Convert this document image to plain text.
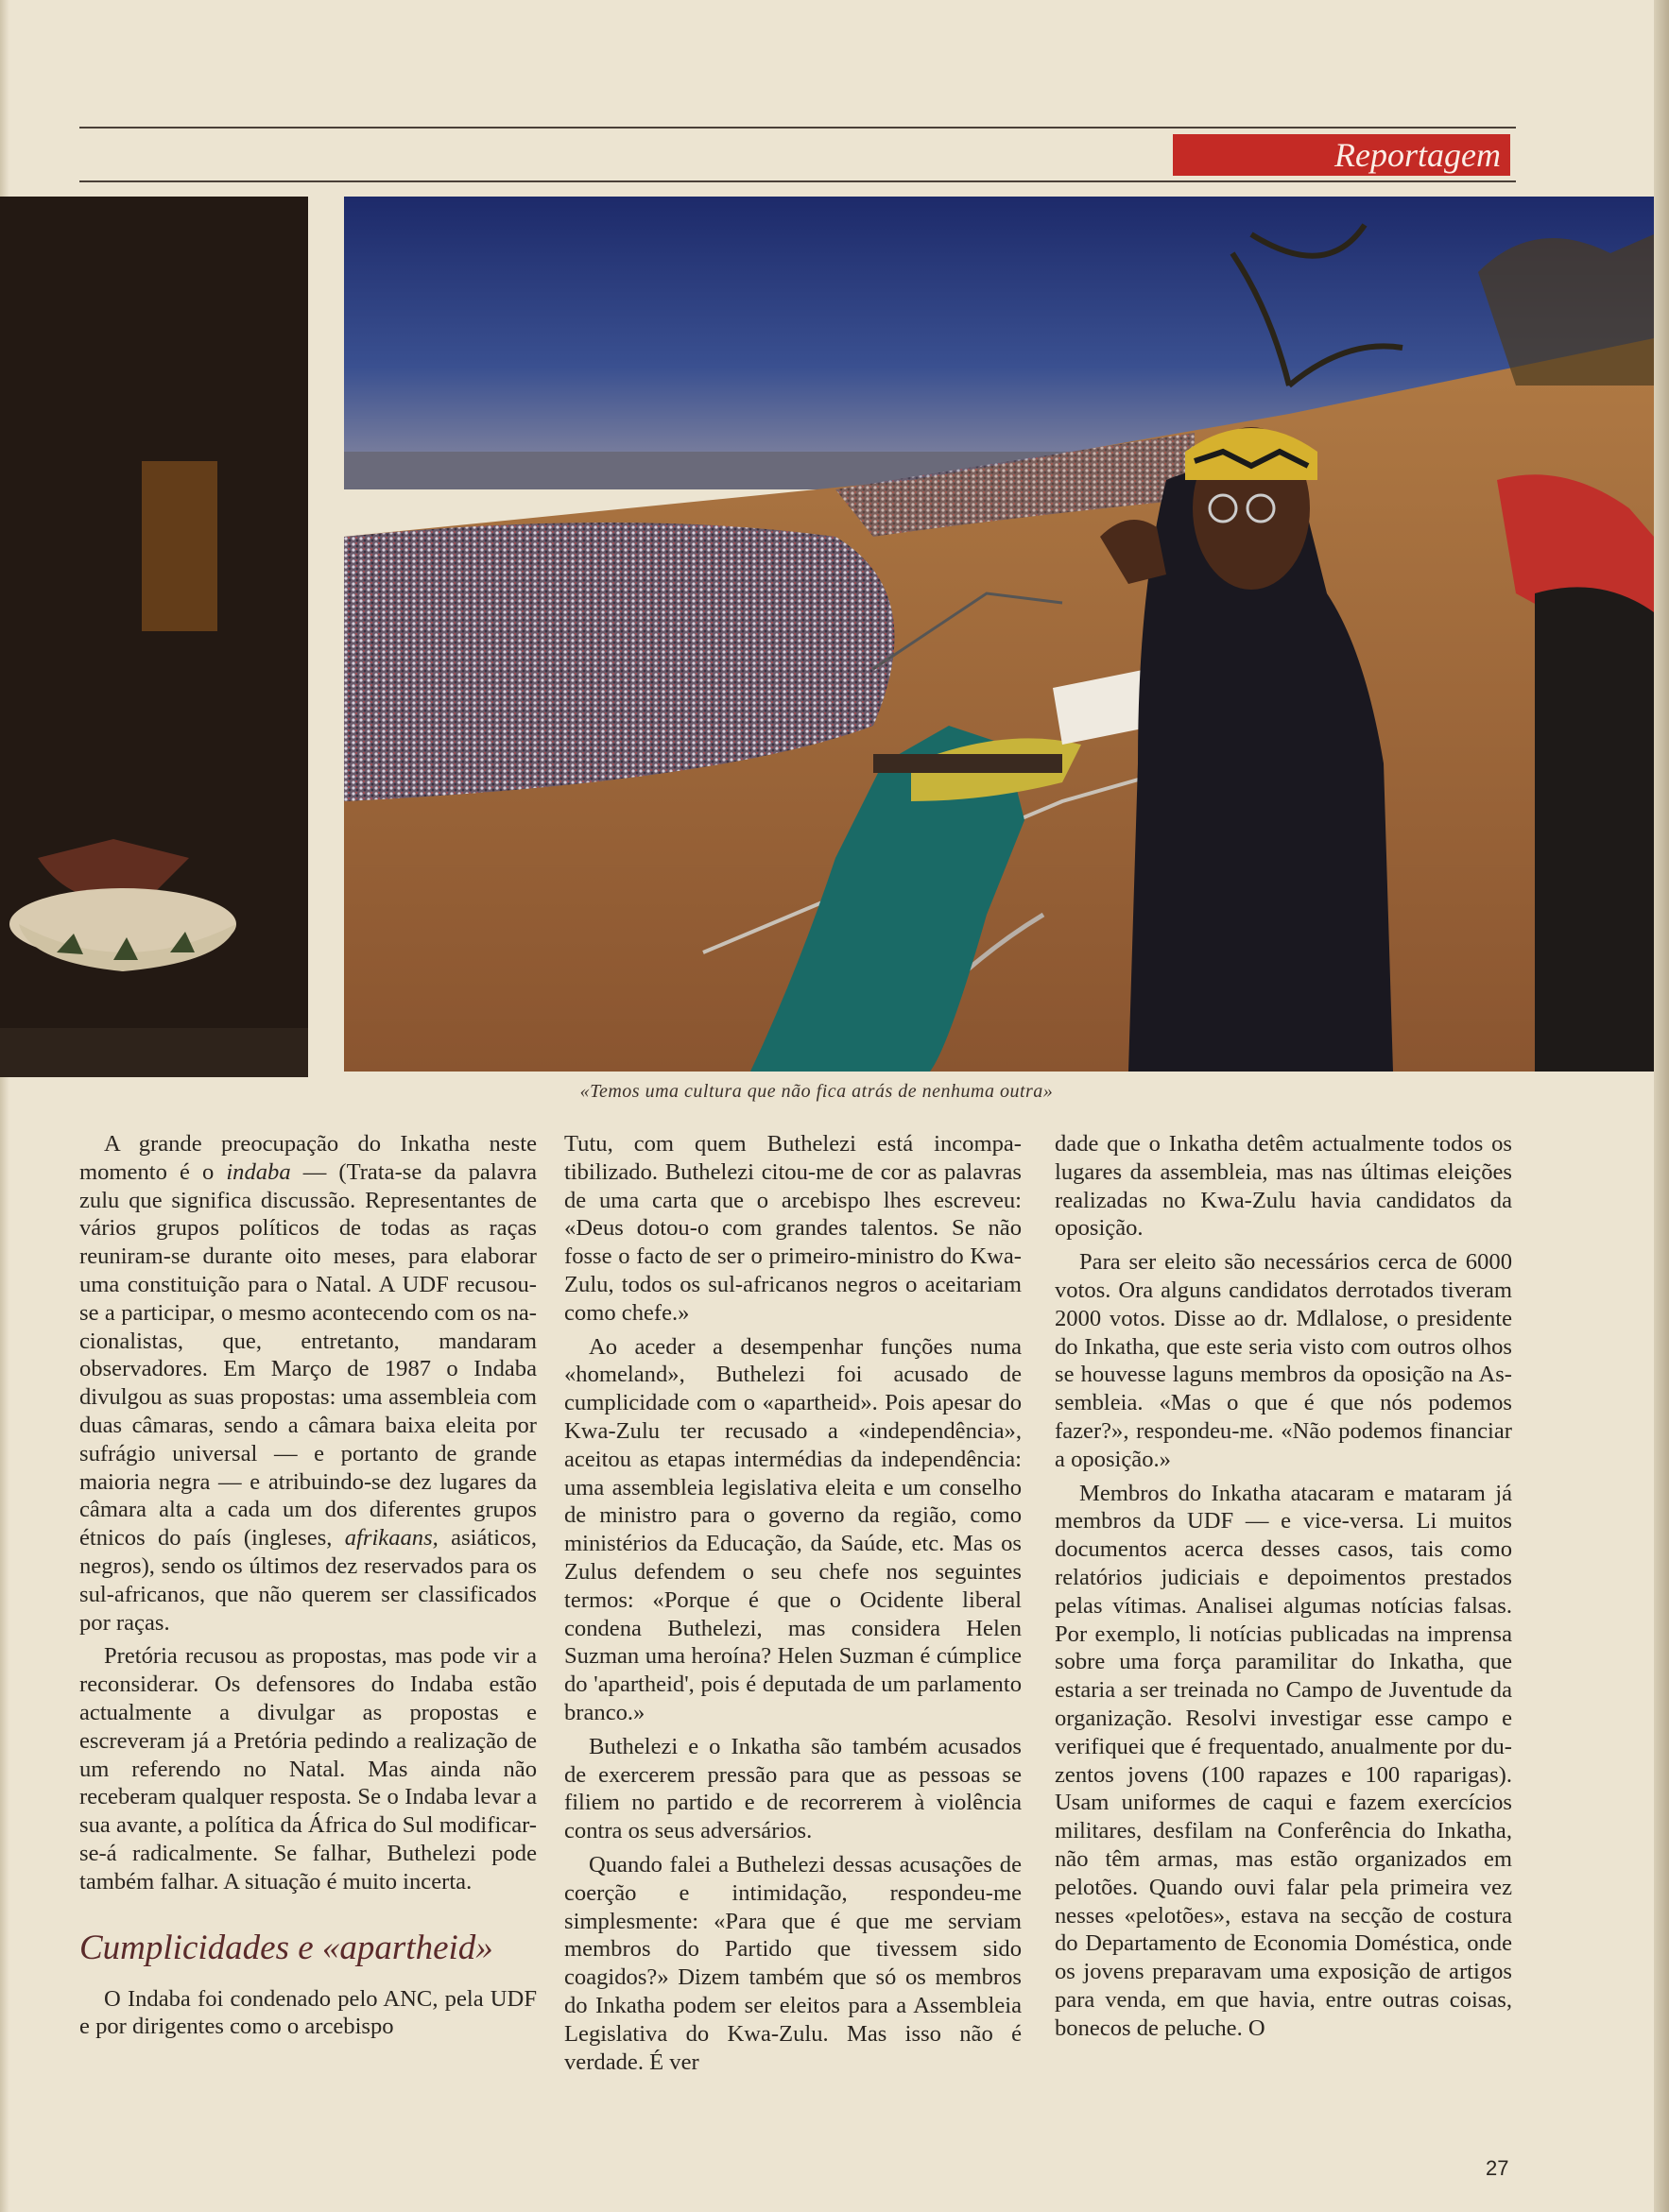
Reportagem
«Temos uma cultura que não fica atrás de nenhuma outra»

A grande preocupação do Inkatha neste momento é o indaba — (Trata-se da palavra zulu que significa discussão. Representantes de vários grupos políticos de todas as raças reuniram-se durante oito meses, para elaborar uma constituição para o Natal. A UDF recusou-se a participar, o mesmo acontecendo com os nacionalistas, que, entretanto, mandaram observadores. Em Março de 1987 o Indaba divulgou as suas propostas: uma assembleia com duas câmaras, sendo a câmara baixa eleita por sufrágio universal — e portanto de grande maioria negra — e atribuindo-se dez lugares da câmara alta a cada um dos diferentes grupos étnicos do país (ingleses, afrikaans, asiáticos, negros), sendo os últimos dez reservados para os sul-africanos, que não querem ser classificados por raças.

Pretória recusou as propostas, mas pode vir a reconsiderar. Os defensores do Indaba estão actualmente a divulgar as propostas e escreveram já a Pretória pedindo a realização de um referendo no Natal. Mas ainda não receberam qualquer resposta. Se o Indaba levar a sua avante, a política da África do Sul modificar-se-á radicalmente. Se falhar, Buthelezi pode também falhar. A situação é muito incerta.

Cumplicidades e «apartheid»

O Indaba foi condenado pelo ANC, pela UDF e por dirigentes como o arcebispo

Tutu, com quem Buthelezi está incompatibilizado. Buthelezi citou-me de cor as palavras de uma carta que o arcebispo lhes escreveu: «Deus dotou-o com grandes talentos. Se não fosse o facto de ser o primeiro-ministro do Kwa-Zulu, todos os sul-africanos negros o aceitariam como chefe.»

Ao aceder a desempenhar funções numa «homeland», Buthelezi foi acusado de cumplicidade com o «apartheid». Pois apesar do Kwa-Zulu ter recusado a «independência», aceitou as etapas intermédias da independência: uma assembleia legislativa eleita e um conselho de ministro para o governo da região, como ministérios da Educação, da Saúde, etc. Mas os Zulus defendem o seu chefe nos seguintes termos: «Porque é que o Ocidente liberal condena Buthelezi, mas considera Helen Suzman uma heroína? Helen Suzman é cúmplice do 'apartheid', pois é deputada de um parlamento branco.»

Buthelezi e o Inkatha são também acusados de exercerem pressão para que as pessoas se filiem no partido e de recorrerem à violência contra os seus adversários.

Quando falei a Buthelezi dessas acusações de coerção e intimidação, respondeu-me simplesmente: «Para que é que me serviam membros do Partido que tivessem sido coagidos?» Dizem também que só os membros do Inkatha podem ser eleitos para a Assembleia Legislativa do Kwa-Zulu. Mas isso não é verdade. É ver

dade que o Inkatha detêm actualmente todos os lugares da assembleia, mas nas últimas eleições realizadas no Kwa-Zulu havia candidatos da oposição.

Para ser eleito são necessários cerca de 6000 votos. Ora alguns candidatos derrotados tiveram 2000 votos. Disse ao dr. Mdlalose, o presidente do Inkatha, que este seria visto com outros olhos se houvesse laguns membros da oposição na Assembleia. «Mas o que é que nós podemos fazer?», respondeu-me. «Não podemos financiar a oposição.»

Membros do Inkatha atacaram e mataram já membros da UDF — e vice-versa. Li muitos documentos acerca desses casos, tais como relatórios judiciais e depoimentos prestados pelas vítimas. Analisei algumas notícias falsas. Por exemplo, li notícias publicadas na imprensa sobre uma força paramilitar do Inkatha, que estaria a ser treinada no Campo de Juventude da organização. Resolvi investigar esse campo e verifiquei que é frequentado, anualmente por duzentos jovens (100 rapazes e 100 raparigas). Usam uniformes de caqui e fazem exercícios militares, desfilam na Conferência do Inkatha, não têm armas, mas estão organizados em pelotões. Quando ouvi falar pela primeira vez nesses «pelotões», estava na secção de costura do Departamento de Economia Doméstica, onde os jovens preparavam uma exposição de artigos para venda, em que havia, entre outras coisas, bonecos de peluche. O

27
